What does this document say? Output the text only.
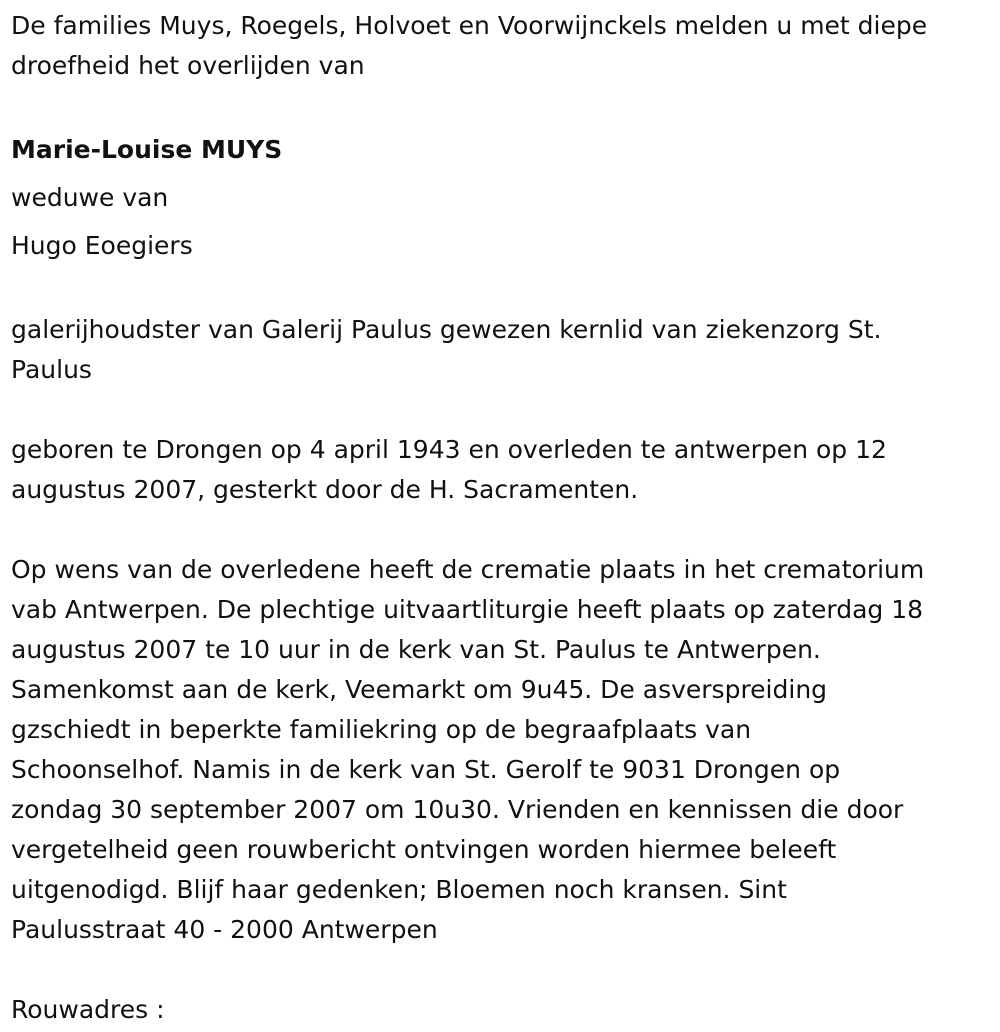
De families Muys, Roegels, Holvoet en Voorwijnckels melden u met diepe
droefheid het overlijden van
Marie-Louise MUYS
weduwe van
Hugo Eoegiers
galerijhoudster van Galerij Paulus gewezen kernlid van ziekenzorg St.
Paulus
geboren te Drongen op 4 april 1943 en overleden te antwerpen op 12
augustus 2007, gesterkt door de H. Sacramenten.
Op wens van de overledene heeft de crematie plaats in het crematorium
vab Antwerpen. De plechtige uitvaartliturgie heeft plaats op zaterdag 18
augustus 2007 te 10 uur in de kerk van St. Paulus te Antwerpen.
Samenkomst aan de kerk, Veemarkt om 9u45. De asverspreiding
gzschiedt in beperkte familiekring op de begraafplaats van
Schoonselhof. Namis in de kerk van St. Gerolf te 9031 Drongen op
zondag 30 september 2007 om 10u30. Vrienden en kennissen die door
vergetelheid geen rouwbericht ontvingen worden hiermee beleeft
uitgenodigd. Blijf haar gedenken; Bloemen noch kransen. Sint
Paulusstraat 40 - 2000 Antwerpen
Rouwadres :
